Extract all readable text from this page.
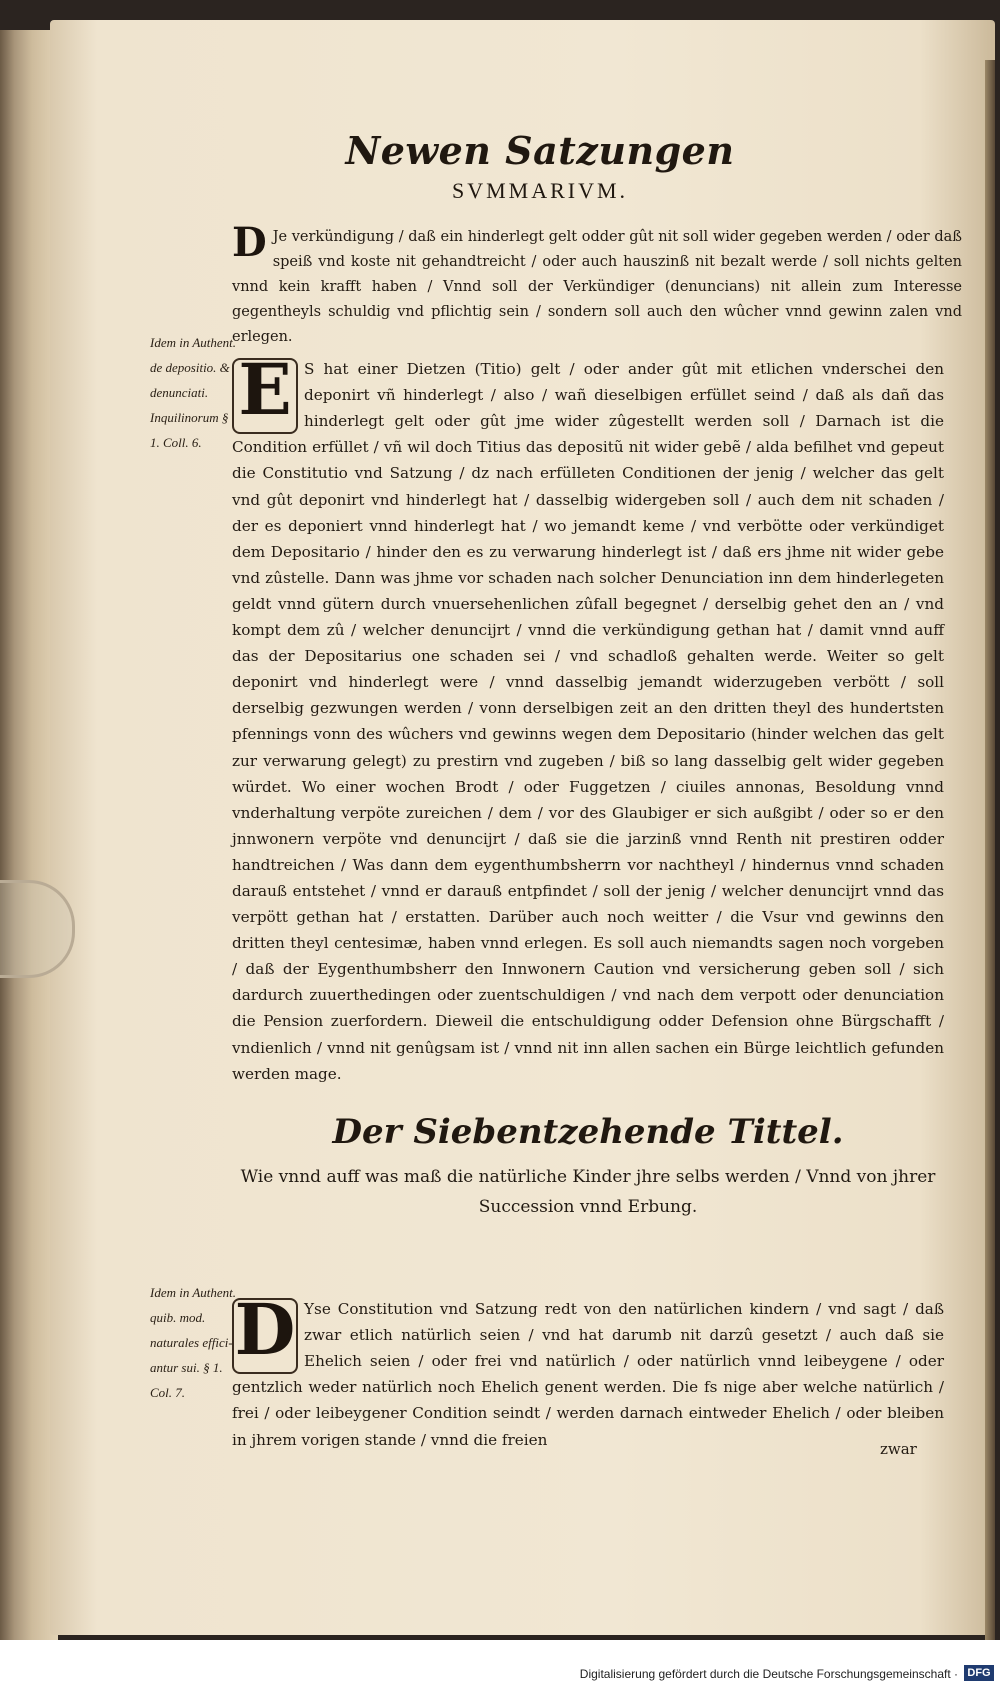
Newen Satzungen
SVMMARIVM.

D Je verkündigung / daß ein hinderlegt gelt odder gût nit soll wider gegeben werden / oder daß speiß vnd koste nit gehandtreicht / oder auch hauszinß nit bezalt werde / soll nichts gelten vnnd kein krafft haben / Vnnd soll der Verkündiger (denuncians) nit allein zum Interesse gegentheyls schuldig vnd pflichtig sein / sondern soll auch den wûcher vnnd gewinn zalen vnd erlegen.

Idem in Authent. de depositio. & denunciati. Inquilinorum § 1. Coll. 6.

E S hat einer Dietzen (Titio) gelt / oder ander gût mit etlichen vnderschei den deponirt vñ hinderlegt / also / wañ dieselbigen erfüllet seind / daß als dañ das hinderlegt gelt oder gût jme wider zûgestellt werden soll / Darnach ist die Condition erfüllet / vñ wil doch Titius das depositũ nit wider gebẽ / alda befilhet vnd gepeut die Constitutio vnd Satzung / dz nach erfülleten Conditionen der jenig / welcher das gelt vnd gût deponirt vnd hinderlegt hat / dasselbig widergeben soll / auch dem nit schaden / der es deponiert vnnd hinderlegt hat / wo jemandt keme / vnd verbötte oder verkündiget dem Depositario / hinder den es zu verwarung hinderlegt ist / daß ers jhme nit wider gebe vnd zûstelle. Dann was jhme vor schaden nach solcher Denunciation inn dem hinderlegeten geldt vnnd gütern durch vnuersehenlichen zûfall begegnet / derselbig gehet den an / vnd kompt dem zû / welcher denuncijrt / vnnd die verkündigung gethan hat / damit vnnd auff das der Depositarius one schaden sei / vnd schadloß gehalten werde. Weiter so gelt deponirt vnd hinderlegt were / vnnd dasselbig jemandt widerzugeben verbött / soll derselbig gezwungen werden / vonn derselbigen zeit an den dritten theyl des hundertsten pfennings vonn des wûchers vnd gewinns wegen dem Depositario (hinder welchen das gelt zur verwarung gelegt) zu prestirn vnd zugeben / biß so lang dasselbig gelt wider gegeben würdet. Wo einer wochen Brodt / oder Fuggetzen / ciuiles annonas, Besoldung vnnd vnderhaltung verpöte zureichen / dem / vor des Glaubiger er sich außgibt / oder so er den jnnwonern verpöte vnd denuncijrt / daß sie die jarzinß vnnd Renth nit prestiren odder handtreichen / Was dann dem eygenthumbsherrn vor nachtheyl / hindernus vnnd schaden darauß entstehet / vnnd er darauß entpfindet / soll der jenig / welcher denuncijrt vnnd das verpött gethan hat / erstatten. Darüber auch noch weitter / die Vsur vnd gewinns den dritten theyl centesimæ, haben vnnd erlegen. Es soll auch niemandts sagen noch vorgeben / daß der Eygenthumbsherr den Innwonern Caution vnd versicherung geben soll / sich dardurch zuuerthedingen oder zuentschuldigen / vnd nach dem verpott oder denunciation die Pension zuerfordern. Dieweil die entschuldigung odder Defension ohne Bürgschafft / vndienlich / vnnd nit genûgsam ist / vnnd nit inn allen sachen ein Bürge leichtlich gefunden werden mage.

Der Siebentzehende Tittel.
Wie vnnd auff was maß die natürliche Kinder jhre selbs werden / Vnnd von jhrer Succession vnnd Erbung.
Idem in Authent. quib. mod. naturales effici- antur sui. § 1. Col. 7.

D Yse Constitution vnd Satzung redt von den natürlichen kindern / vnd sagt / daß zwar etlich natürlich seien / vnd hat darumb nit darzû gesetzt / auch daß sie Ehelich seien / oder frei vnd natürlich / oder natürlich vnnd leibeygene / oder gentzlich weder natürlich noch Ehelich genent werden. Die fs nige aber welche natürlich / frei / oder leibeygener Condition seindt / werden darnach eintweder Ehelich / oder bleiben in jhrem vorigen stande / vnnd die freien

zwar
Digitalisierung gefördert durch die Deutsche Forschungsgemeinschaft · DFG
